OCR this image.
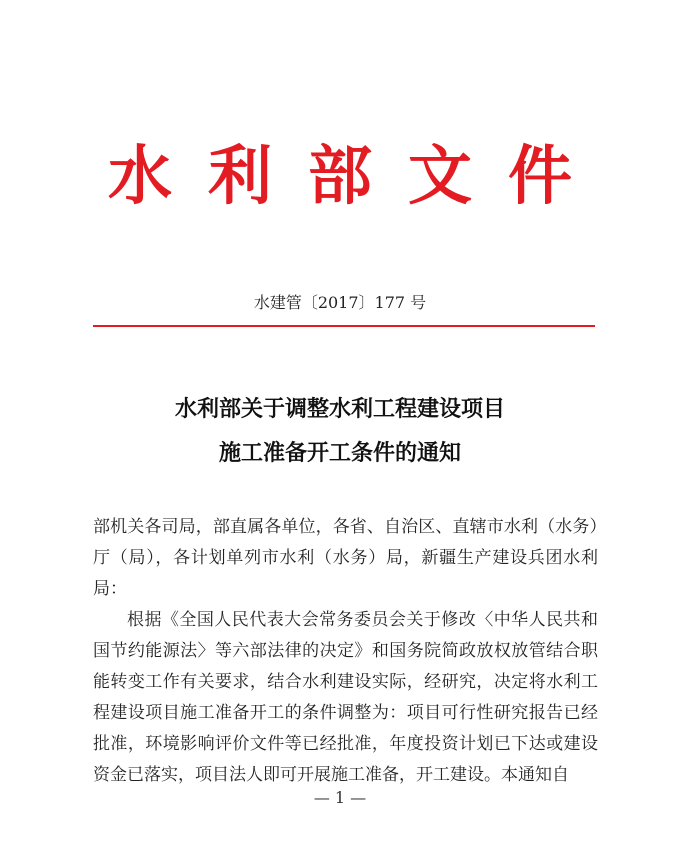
水利部文件
水建管〔2017〕177 号
水利部关于调整水利工程建设项目
施工准备开工条件的通知

部机关各司局，部直属各单位，各省、自治区、直辖市水利（水务）厅（局），各计划单列市水利（水务）局，新疆生产建设兵团水利局：

根据《全国人民代表大会常务委员会关于修改〈中华人民共和国节约能源法〉等六部法律的决定》和国务院简政放权放管结合职能转变工作有关要求，结合水利建设实际，经研究，决定将水利工程建设项目施工准备开工的条件调整为：项目可行性研究报告已经批准，环境影响评价文件等已经批准，年度投资计划已下达或建设资金已落实，项目法人即可开展施工准备，开工建设。本通知自

— 1 —
